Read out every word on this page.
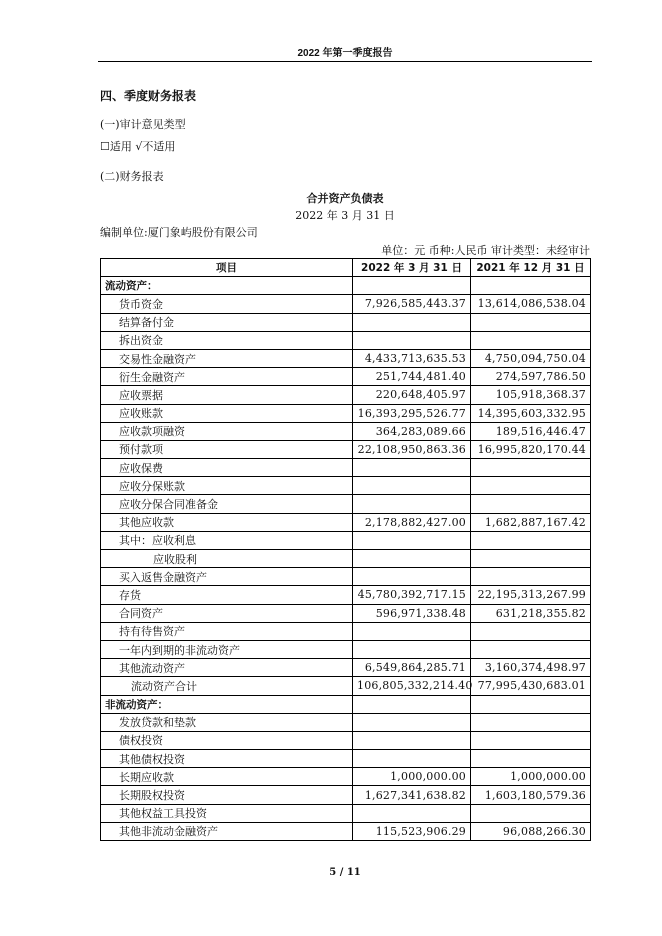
2022 年第一季度报告
四、季度财务报表
(一)审计意见类型
☐适用 √不适用
(二)财务报表
合并资产负债表
2022 年 3 月 31 日
编制单位:厦门象屿股份有限公司
单位：元 币种:人民币 审计类型：未经审计
项目	2022 年 3 月 31 日	2021 年 12 月 31 日
流动资产：		
货币资金	7,926,585,443.37	13,614,086,538.04
结算备付金		
拆出资金		
交易性金融资产	4,433,713,635.53	4,750,094,750.04
衍生金融资产	251,744,481.40	274,597,786.50
应收票据	220,648,405.97	105,918,368.37
应收账款	16,393,295,526.77	14,395,603,332.95
应收款项融资	364,283,089.66	189,516,446.47
预付款项	22,108,950,863.36	16,995,820,170.44
应收保费		
应收分保账款		
应收分保合同准备金		
其他应收款	2,178,882,427.00	1,682,887,167.42
其中：应收利息		
应收股利		
买入返售金融资产		
存货	45,780,392,717.15	22,195,313,267.99
合同资产	596,971,338.48	631,218,355.82
持有待售资产		
一年内到期的非流动资产		
其他流动资产	6,549,864,285.71	3,160,374,498.97
流动资产合计	106,805,332,214.40	77,995,430,683.01
非流动资产：		
发放贷款和垫款		
债权投资		
其他债权投资		
长期应收款	1,000,000.00	1,000,000.00
长期股权投资	1,627,341,638.82	1,603,180,579.36
其他权益工具投资		
其他非流动金融资产	115,523,906.29	96,088,266.30
5 / 11
